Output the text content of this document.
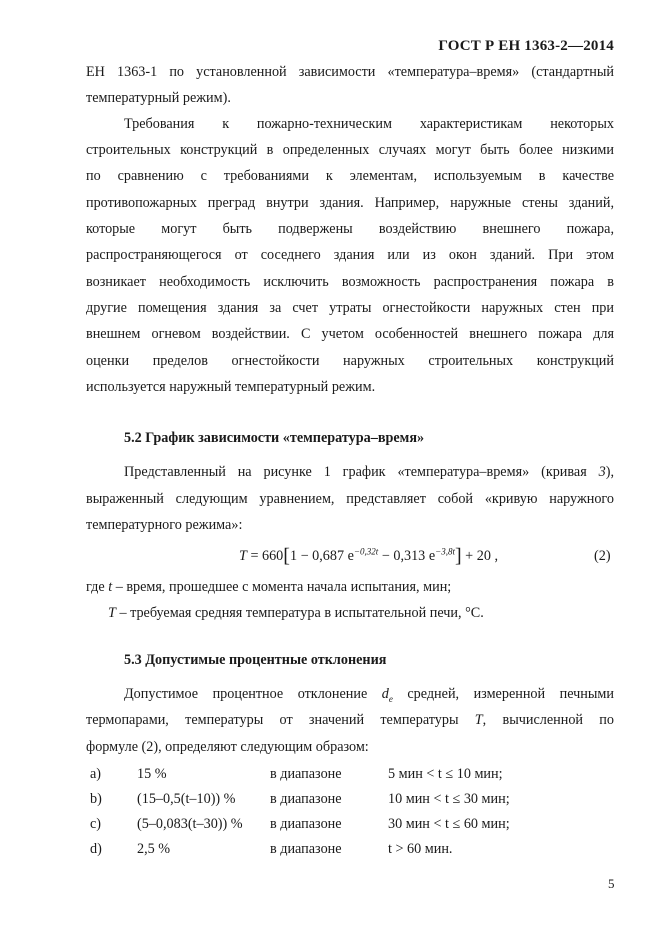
ГОСТ Р ЕН 1363-2—2014
ЕН 1363-1 по установленной зависимости «температура–время» (стандартный
температурный режим).
Требования к пожарно-техническим характеристикам некоторых
строительных конструкций в определенных случаях могут быть более низкими
по сравнению с требованиями к элементам, используемым в качестве
противопожарных преград внутри здания. Например, наружные стены зданий,
которые могут быть подвержены воздействию внешнего пожара,
распространяющегося от соседнего здания или из окон зданий. При этом
возникает необходимость исключить возможность распространения пожара в
другие помещения здания за счет утраты огнестойкости наружных стен при
внешнем огневом воздействии. С учетом особенностей внешнего пожара для
оценки пределов огнестойкости наружных строительных конструкций
используется наружный температурный режим.
5.2 График зависимости «температура–время»
Представленный на рисунке 1 график «температура–время» (кривая 3),
выраженный следующим уравнением, представляет собой «кривую наружного
температурного режима»:
T = 660[1 − 0,687 $e^{-0,32t} - 0,313$ $e^{-3,8t}] + 20$ ,	(2)
где t – время, прошедшее с момента начала испытания, мин;
T – требуемая средняя температура в испытательной печи, °С.
5.3 Допустимые процентные отклонения
Допустимое процентное отклонение $d_e$ средней, измеренной печными
термопарами, температуры от значений температуры T, вычисленной по
формуле (2), определяют следующим образом:
a)	15 %	в диапазоне	5 мин < t ≤ 10 мин;
b) (15–0,5(t–10)) % в диапазоне	10 мин < t ≤ 30 мин;
c)	(5–0,083(t–30)) % в диапазоне	30 мин < t ≤ 60 мин;
d) 2,5 %	в диапазоне	t > 60 мин.
5
